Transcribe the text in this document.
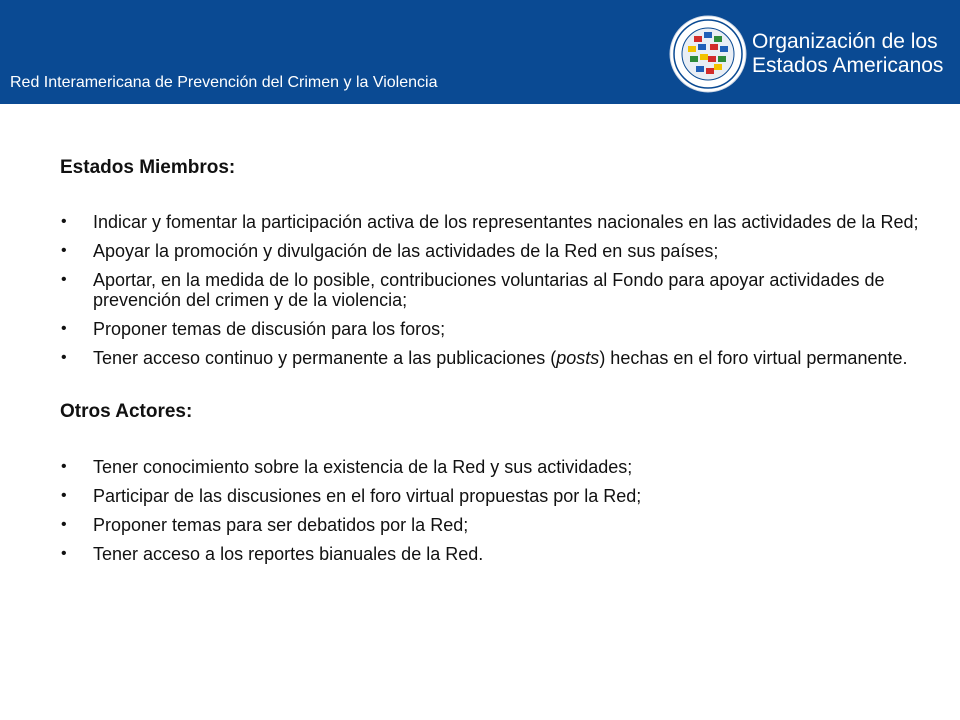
Red Interamericana de Prevención del Crimen y la Violencia
Organización de los
Estados Americanos
Estados Miembros:
• Indicar y fomentar la participación activa de los representantes nacionales en las actividades de la Red;
• Apoyar la promoción y divulgación de las actividades de la Red en sus países;
• Aportar, en la medida de lo posible, contribuciones voluntarias al Fondo para apoyar actividades de prevención del crimen y de la violencia;
• Proponer temas de discusión para los foros;
• Tener acceso continuo y permanente a las publicaciones (posts) hechas en el foro virtual permanente.
Otros Actores:
• Tener conocimiento sobre la existencia de la Red y sus actividades;
• Participar de las discusiones en el foro virtual propuestas por la Red;
• Proponer temas para ser debatidos por la Red;
• Tener acceso a los reportes bianuales de la Red.
